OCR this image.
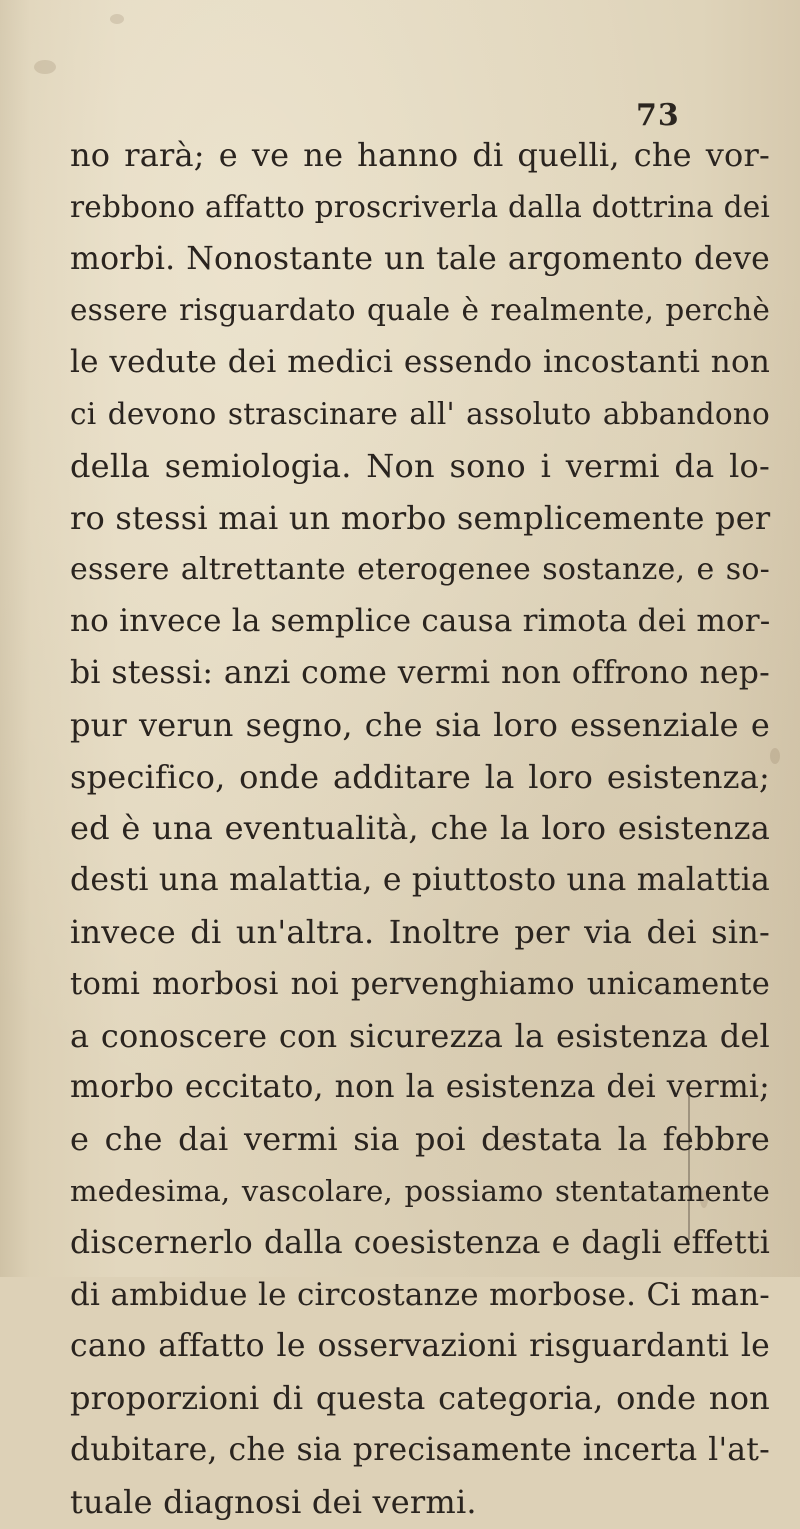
73
no rarà; e ve ne hanno di quelli, che vor-
rebbono affatto proscriverla dalla dottrina dei
morbi. Nonostante un tale argomento deve
essere risguardato quale è realmente, perchè
le vedute dei medici essendo incostanti non
ci devono strascinare all' assoluto abbandono
della semiologia. Non sono i vermi da lo-
ro stessi mai un morbo semplicemente per
essere altrettante eterogenee sostanze, e so-
no invece la semplice causa rimota dei mor-
bi stessi: anzi come vermi non offrono nep-
pur verun segno, che sia loro essenziale e
specifico, onde additare la loro esistenza;
ed è una eventualità, che la loro esistenza
desti una malattia, e piuttosto una malattia
invece di un'altra. Inoltre per via dei sin-
tomi morbosi noi pervenghiamo unicamente
a conoscere con sicurezza la esistenza del
morbo eccitato, non la esistenza dei vermi;
e che dai vermi sia poi destata la febbre
medesima, vascolare, possiamo stentatamente
discernerlo dalla coesistenza e dagli effetti
di ambidue le circostanze morbose. Ci man-
cano affatto le osservazioni risguardanti le
proporzioni di questa categoria, onde non
dubitare, che sia precisamente incerta l'at-
tuale diagnosi dei vermi.
